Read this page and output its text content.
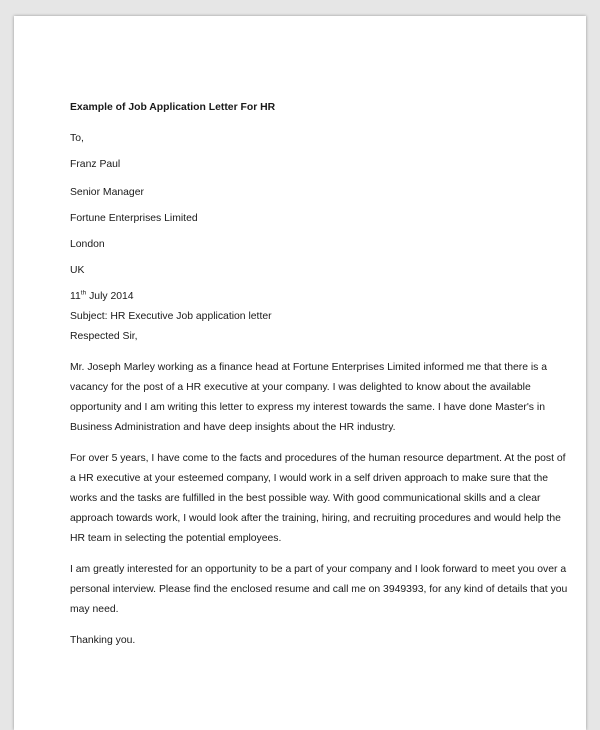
Example of Job Application Letter For HR

To,

Franz Paul

Senior Manager

Fortune Enterprises Limited

London

UK

11th July 2014

Subject: HR Executive Job application letter

Respected Sir,

Mr. Joseph Marley working as a finance head at Fortune Enterprises Limited informed me that there is a

vacancy for the post of a HR executive at your company. I was delighted to know about the available

opportunity and I am writing this letter to express my interest towards the same. I have done Master's in

Business Administration and have deep insights about the HR industry.

For over 5 years, I have come to the facts and procedures of the human resource department. At the post of

a HR executive at your esteemed company, I would work in a self driven approach to make sure that the

works and the tasks are fulfilled in the best possible way. With good communicational skills and a clear

approach towards work, I would look after the training, hiring, and recruiting procedures and would help the

HR team in selecting the potential employees.

I am greatly interested for an opportunity to be a part of your company and I look forward to meet you over a

personal interview. Please find the enclosed resume and call me on 3949393, for any kind of details that you

may need.

Thanking you.
